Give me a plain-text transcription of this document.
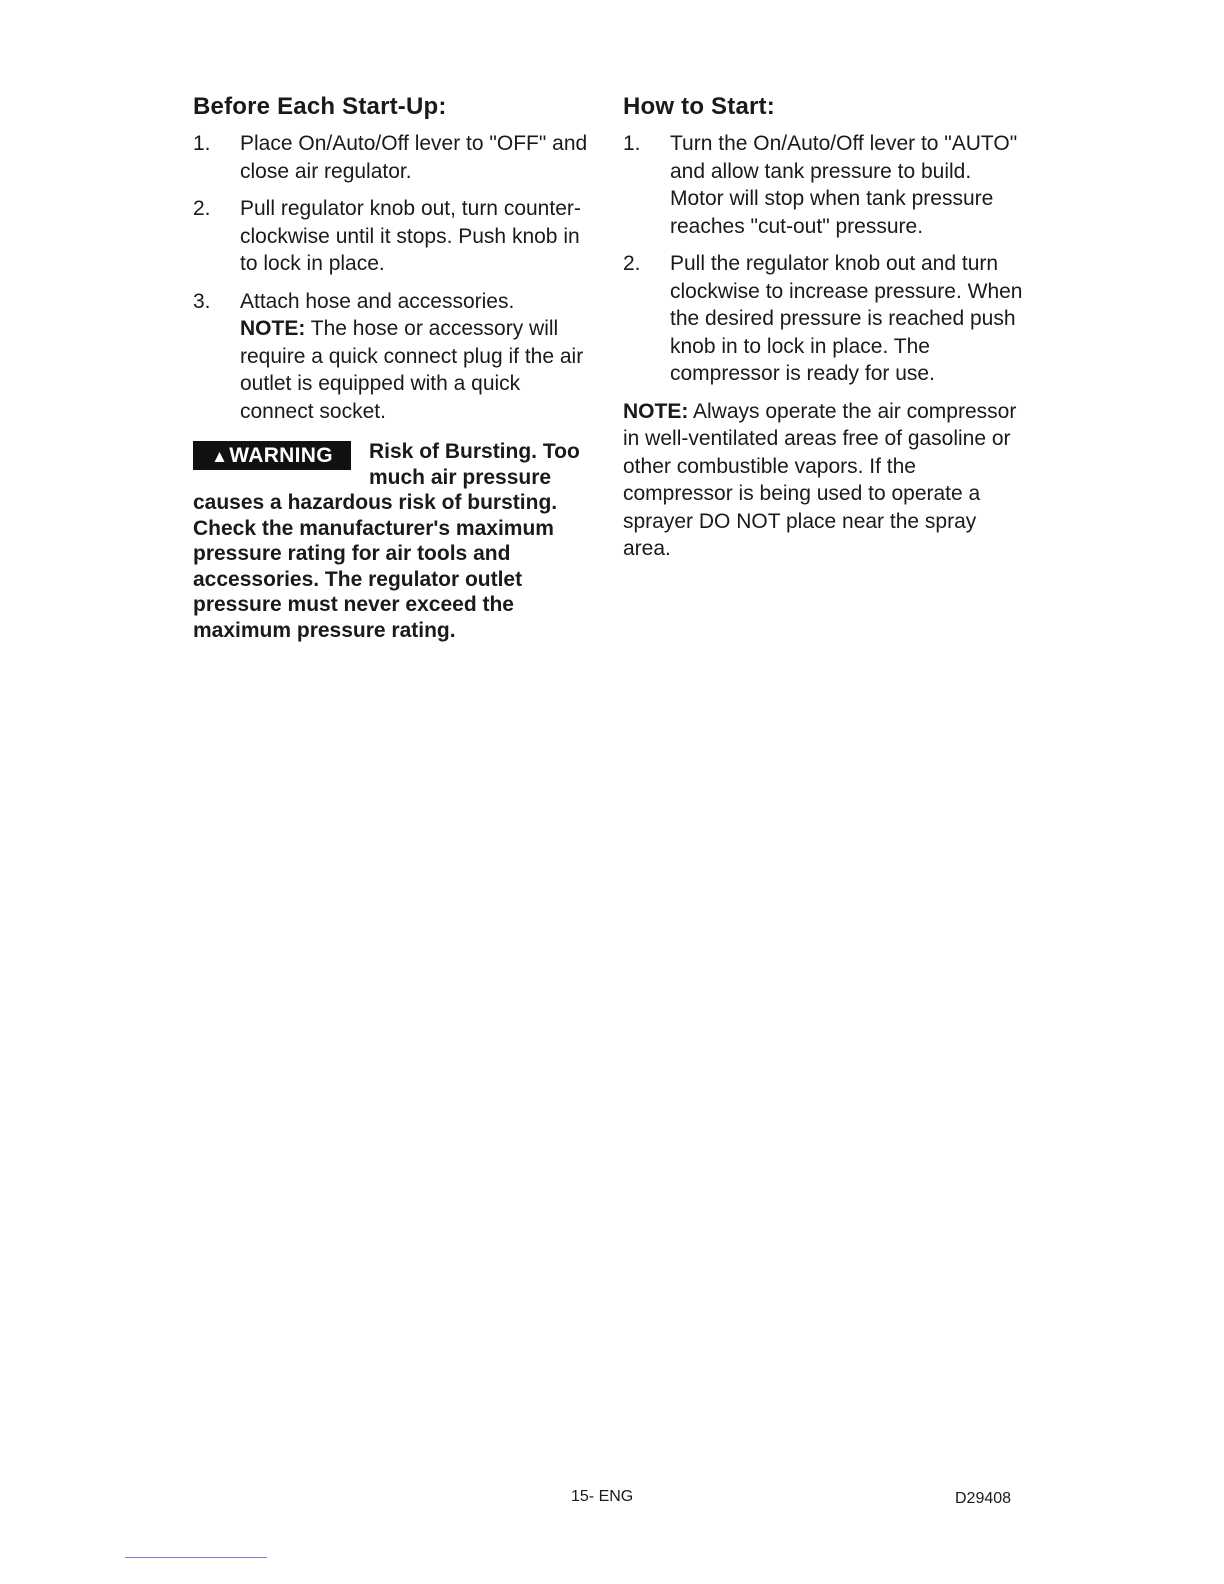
Before Each Start-Up:
1.	Place On/Auto/Off lever to "OFF" and close air regulator.
2.	Pull regulator knob out, turn counter-clockwise until it stops. Push knob in to lock in place.
3.	Attach hose and accessories.
NOTE: The hose or accessory will require a quick connect plug if the air outlet is equipped with a quick connect socket.
▲WARNING	Risk of Bursting. Too much air pressure causes a hazardous risk of bursting. Check the manufacturer's maximum pressure rating for air tools and accessories. The regulator outlet pressure must never exceed the maximum pressure rating.
How to Start:
1.	Turn the On/Auto/Off lever to "AUTO" and allow tank pressure to build. Motor will stop when tank pressure reaches "cut-out" pressure.
2.	Pull the regulator knob out and turn clockwise to increase pressure. When the desired pressure is reached push knob in to lock in place. The compressor is ready for use.

NOTE: Always operate the air compressor in well-ventilated areas free of gasoline or other combustible vapors. If the compressor is being used to operate a sprayer DO NOT place near the spray area.

15- ENG	D29408
